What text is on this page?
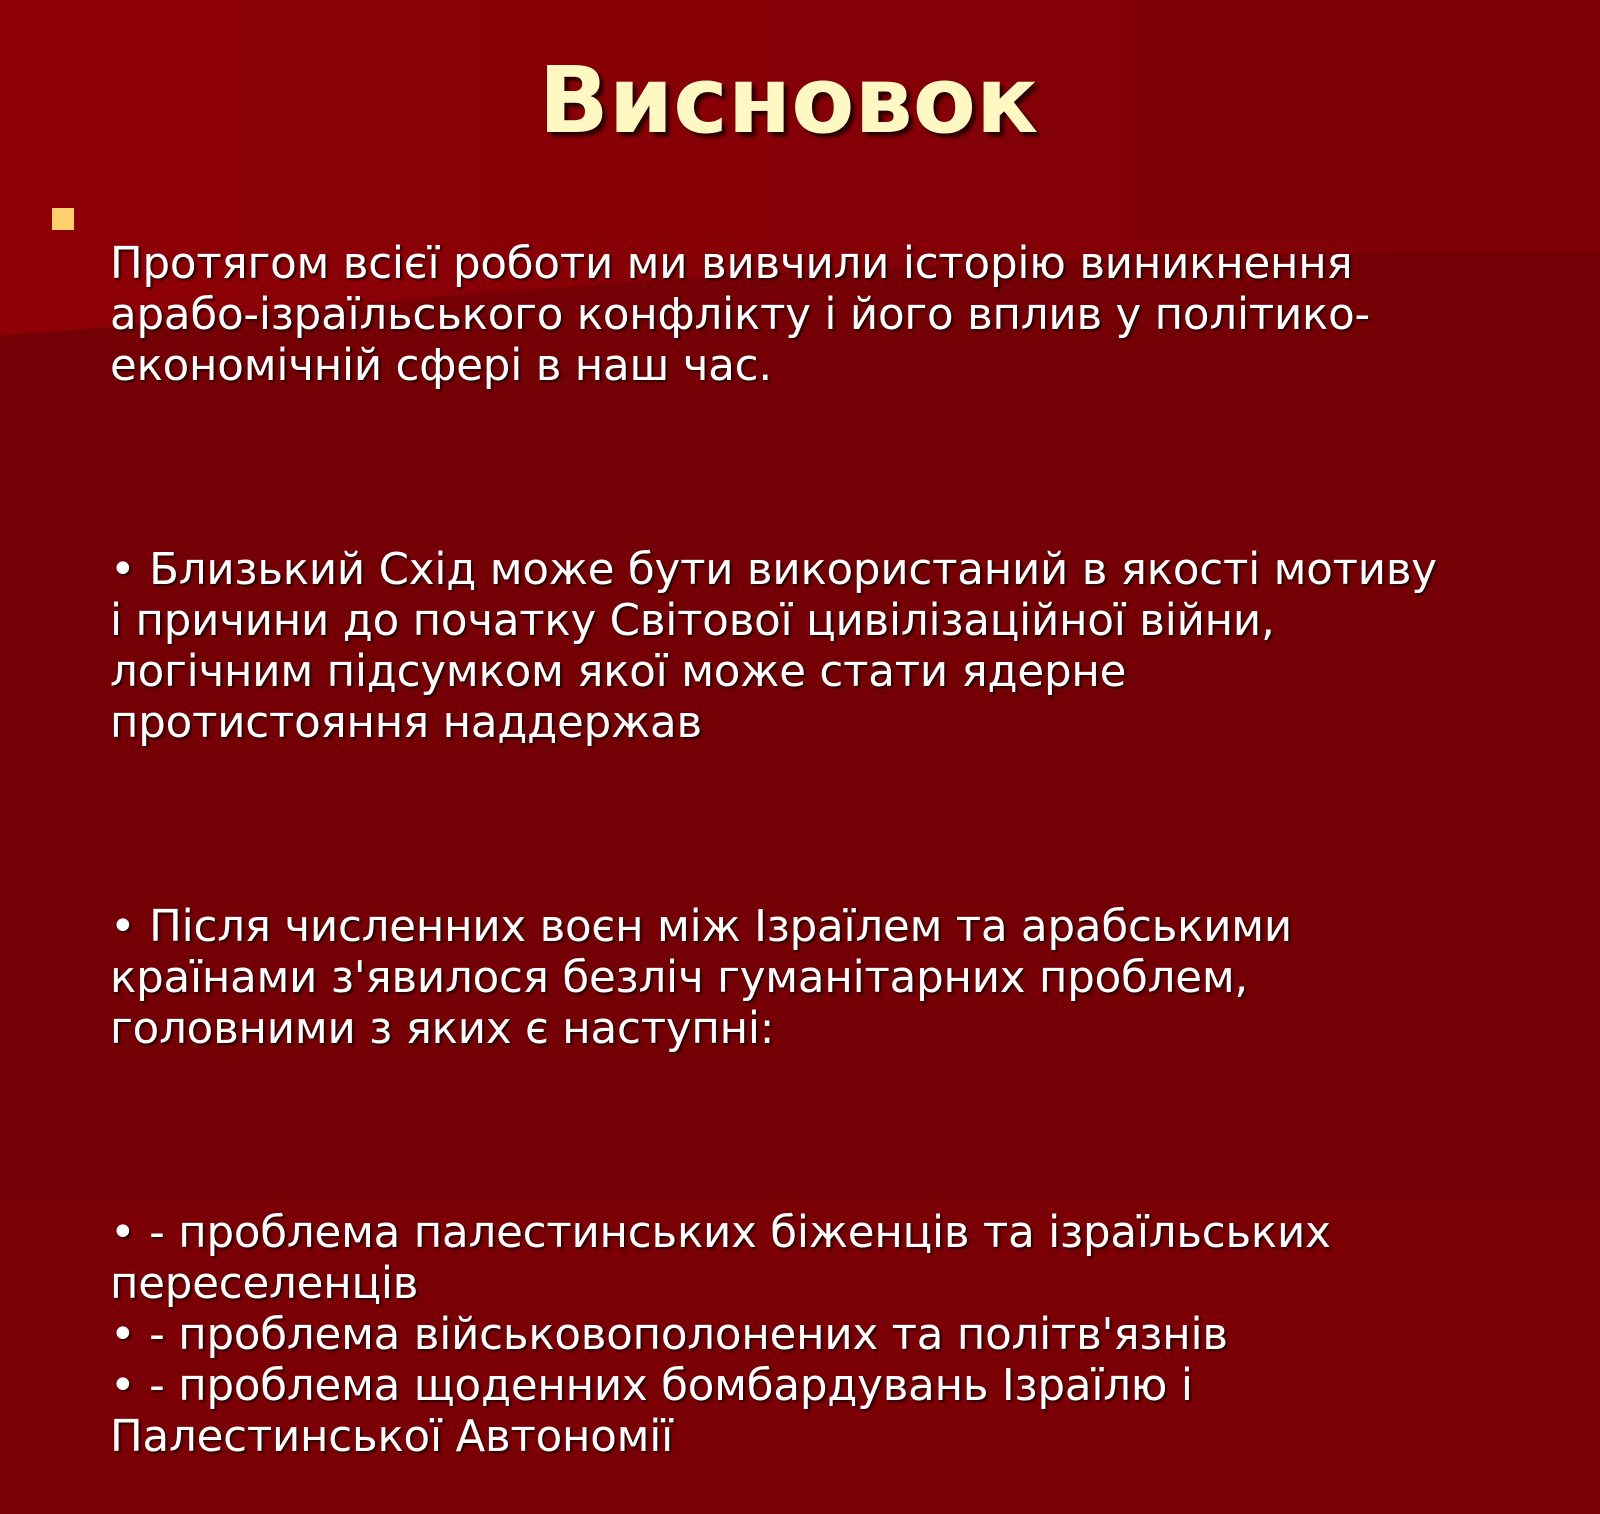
Висновок

Протягом всієї роботи ми вивчили історію виникнення
арабо-ізраїльського конфлікту і його вплив у політико-
економічній сфері в наш час.

• Близький Схід може бути використаний в якості мотиву
і причини до початку Світової цивілізаційної війни,
логічним підсумком якої може стати ядерне
протистояння наддержав

• Після численних воєн між Ізраїлем та арабськими
країнами з'явилося безліч гуманітарних проблем,
головними з яких є наступні:

• - проблема палестинських біженців та ізраїльських
переселенців
• - проблема військовополонених та політв'язнів
• - проблема щоденних бомбардувань Ізраїлю і
Палестинської Автономії
